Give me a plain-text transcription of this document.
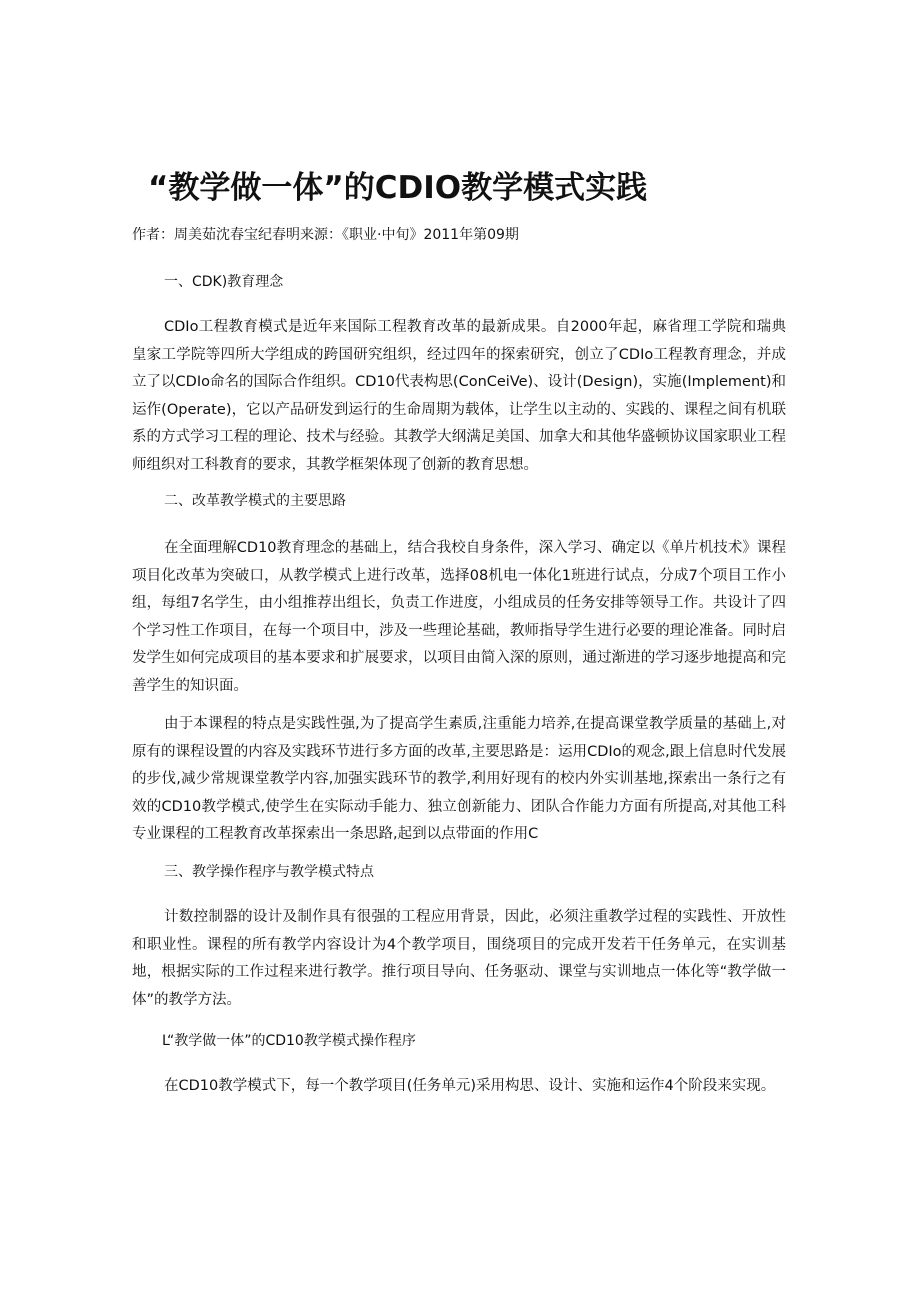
“教学做一体”的CDIO教学模式实践
作者：周美茹沈春宝纪春明来源：《职业·中旬》2011年第09期
一、CDK)教育理念
CDIo工程教育模式是近年来国际工程教育改革的最新成果。自2000年起，麻省理工学院和瑞典皇家工学院等四所大学组成的跨国研究组织，经过四年的探索研究，创立了CDIo工程教育理念，并成立了以CDIo命名的国际合作组织。CD10代表构思(ConCeiVe)、设计(Design)，实施(Implement)和运作(Operate)，它以产品研发到运行的生命周期为载体，让学生以主动的、实践的、课程之间有机联系的方式学习工程的理论、技术与经验。其教学大纲满足美国、加拿大和其他华盛顿协议国家职业工程师组织对工科教育的要求，其教学框架体现了创新的教育思想。
二、改革教学模式的主要思路
在全面理解CD10教育理念的基础上，结合我校自身条件，深入学习、确定以《单片机技术》课程项目化改革为突破口，从教学模式上进行改革，选择08机电一体化1班进行试点，分成7个项目工作小组，每组7名学生，由小组推荐出组长，负责工作进度，小组成员的任务安排等领导工作。共设计了四个学习性工作项目，在每一个项目中，涉及一些理论基础，教师指导学生进行必要的理论准备。同时启发学生如何完成项目的基本要求和扩展要求，以项目由简入深的原则，通过渐进的学习逐步地提高和完善学生的知识面。
由于本课程的特点是实践性强,为了提高学生素质,注重能力培养,在提高课堂教学质量的基础上,对原有的课程设置的内容及实践环节进行多方面的改革,主要思路是：运用CDIo的观念,跟上信息时代发展的步伐,减少常规课堂教学内容,加强实践环节的教学,利用好现有的校内外实训基地,探索出一条行之有效的CD10教学模式,使学生在实际动手能力、独立创新能力、团队合作能力方面有所提高,对其他工科专业课程的工程教育改革探索出一条思路,起到以点带面的作用C
三、教学操作程序与教学模式特点
计数控制器的设计及制作具有很强的工程应用背景，因此，必须注重教学过程的实践性、开放性和职业性。课程的所有教学内容设计为4个教学项目，围绕项目的完成开发若干任务单元，在实训基地，根据实际的工作过程来进行教学。推行项目导向、任务驱动、课堂与实训地点一体化等“教学做一体”的教学方法。
L“教学做一体”的CD10教学模式操作程序
在CD10教学模式下，每一个教学项目(任务单元)采用构思、设计、实施和运作4个阶段来实现。
